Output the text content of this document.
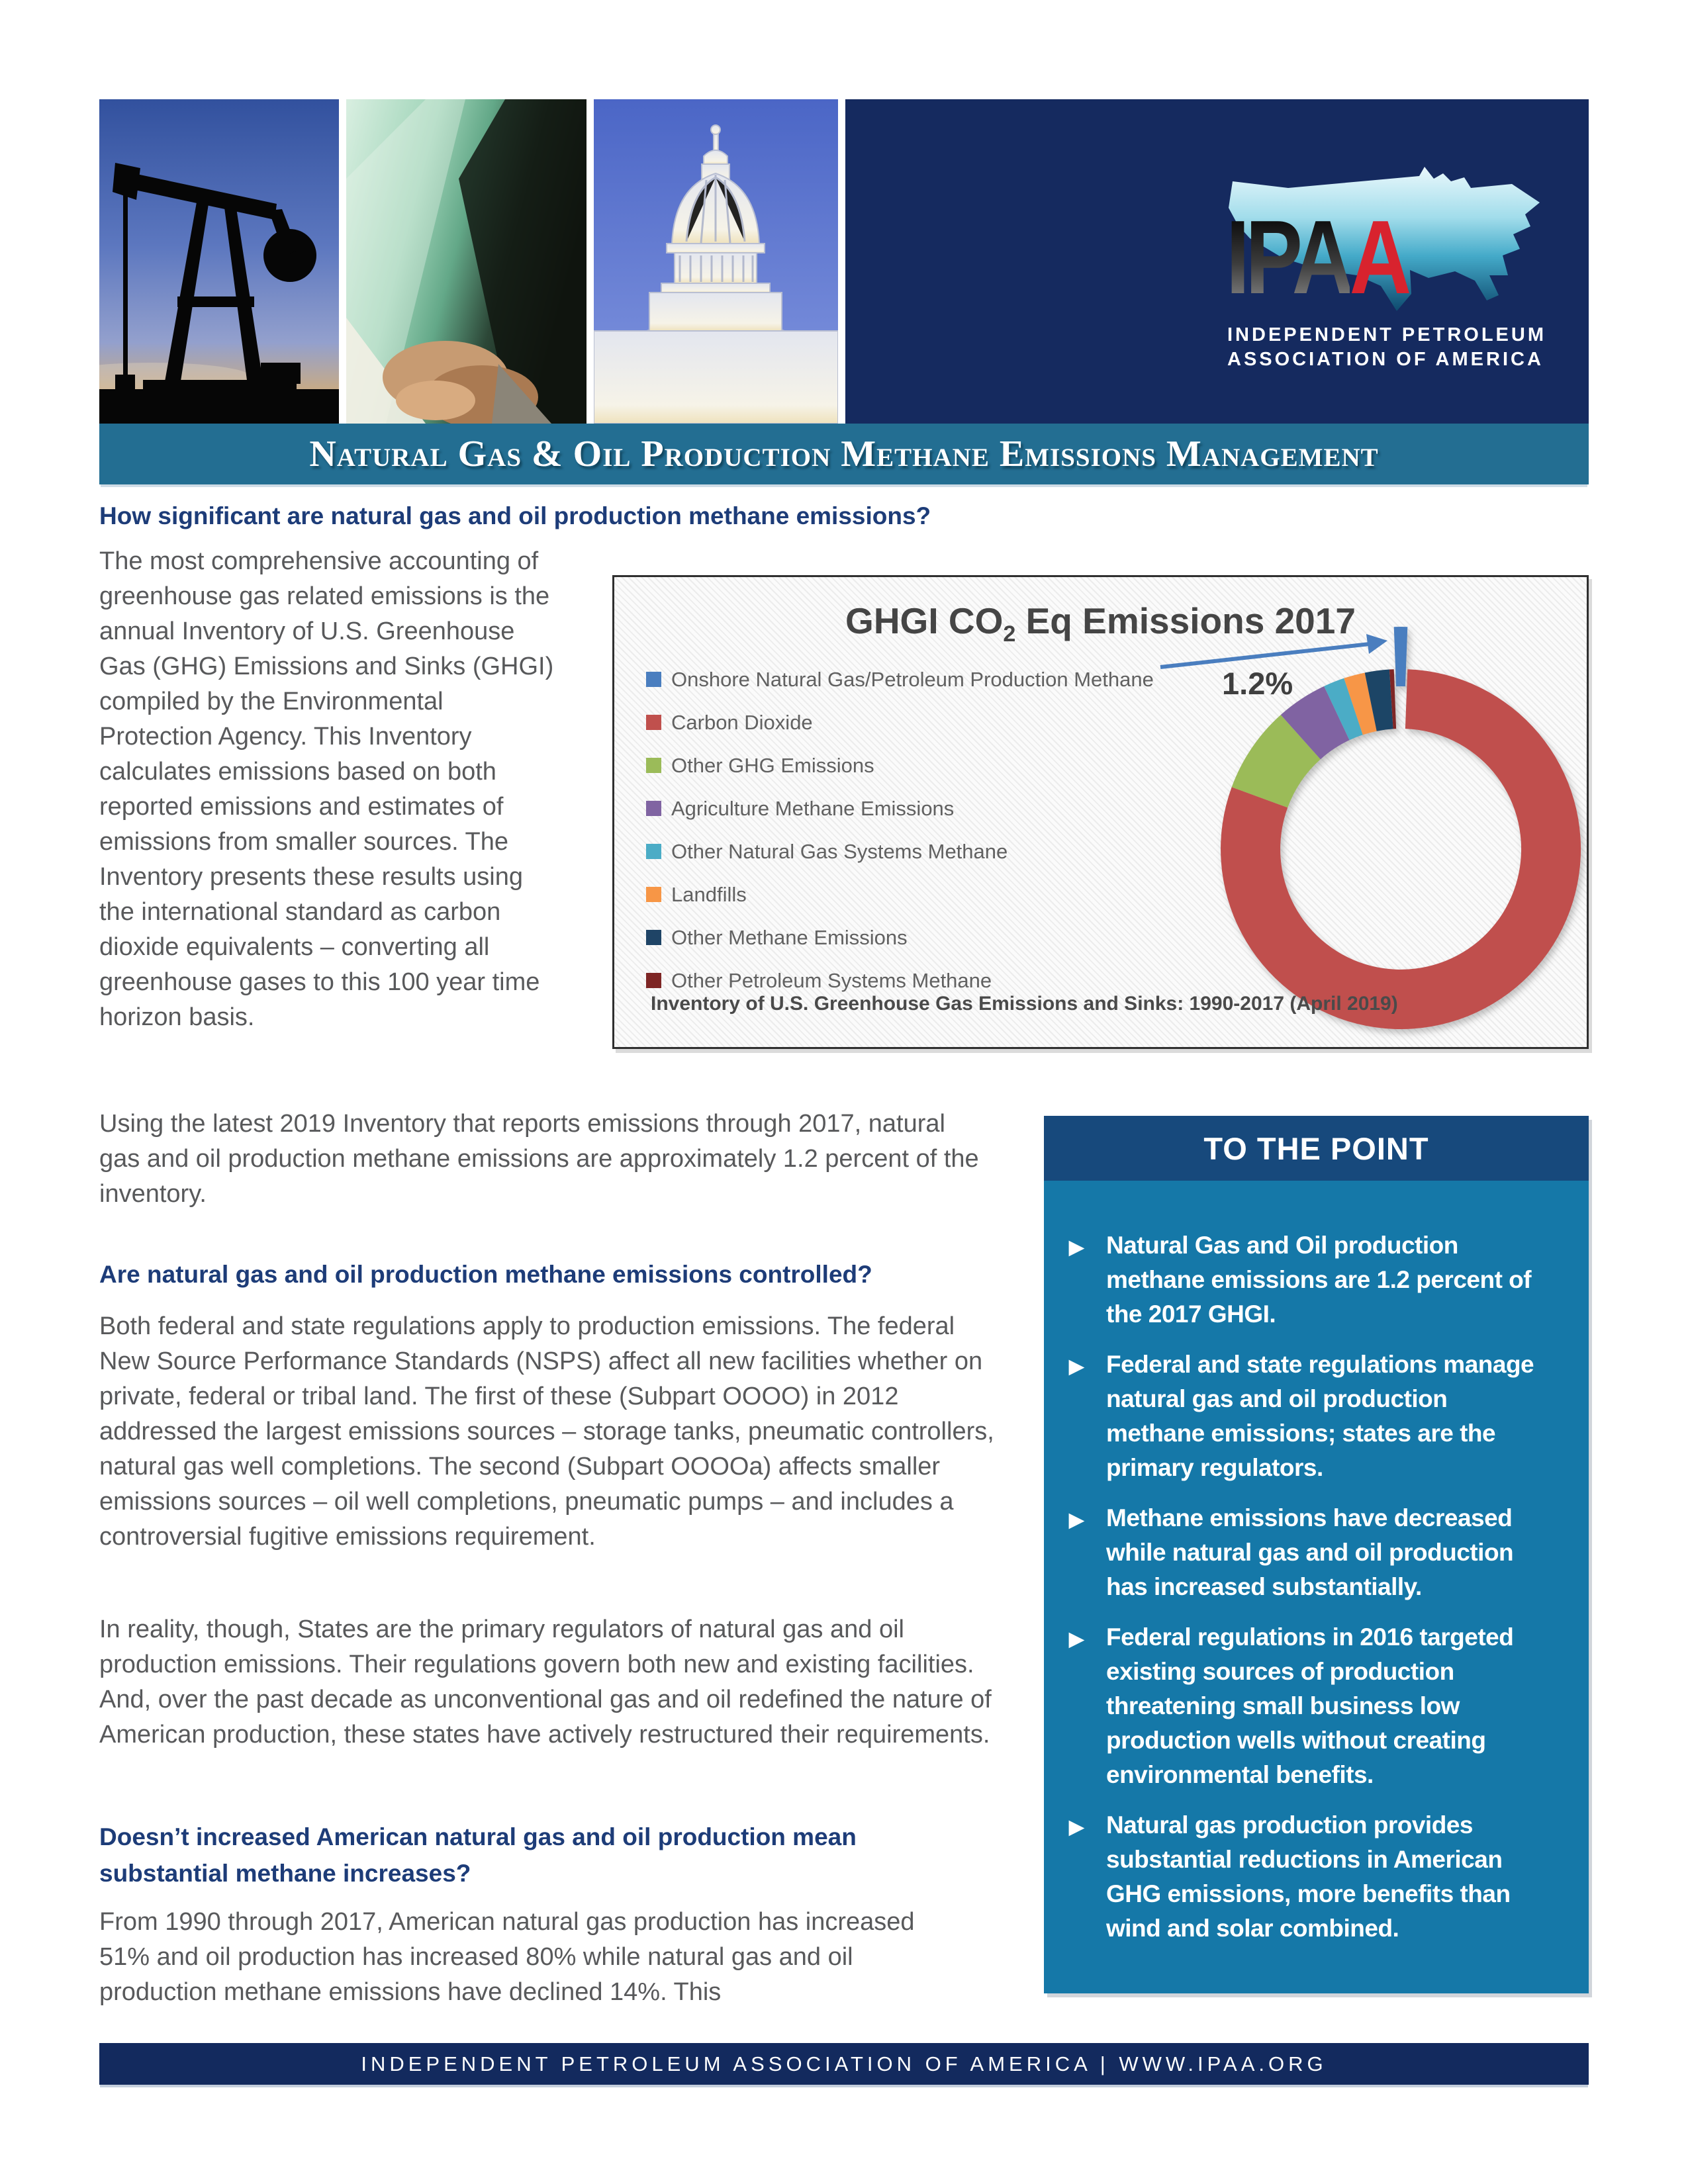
IPAA
INDEPENDENT PETROLEUM
ASSOCIATION OF AMERICA
Natural Gas & Oil Production Methane Emissions Management
How significant are natural gas and oil production methane emissions?

The most comprehensive accounting of greenhouse gas related emissions is the annual Inventory of U.S. Greenhouse Gas (GHG) Emissions and Sinks (GHGI) compiled by the Environmental Protection Agency. This Inventory calculates emissions based on both reported emissions and estimates of emissions from smaller sources. The Inventory presents these results using the international standard as carbon dioxide equivalents – converting all greenhouse gases to this 100 year time horizon basis.

GHGI $CO_2$ Eq Emissions 2017
Onshore Natural Gas/Petroleum Production Methane
Carbon Dioxide
Other GHG Emissions
Agriculture Methane Emissions
Other Natural Gas Systems Methane
Landfills
Other Methane Emissions
Other Petroleum Systems Methane
1.2%
Inventory of U.S. Greenhouse Gas Emissions and Sinks: 1990-2017 (April 2019)

Using the latest 2019 Inventory that reports emissions through 2017, natural gas and oil production methane emissions are approximately 1.2 percent of the inventory.

TO THE POINT
▶ Natural Gas and Oil production methane emissions are 1.2 percent of the 2017 GHGI.
▶ Federal and state regulations manage natural gas and oil production methane emissions; states are the primary regulators.
▶ Methane emissions have decreased while natural gas and oil production has increased substantially.
▶ Federal regulations in 2016 targeted existing sources of production threatening small business low production wells without creating environmental benefits.
▶ Natural gas production provides substantial reductions in American GHG emissions, more benefits than wind and solar combined.
Are natural gas and oil production methane emissions controlled?

Both federal and state regulations apply to production emissions. The federal New Source Performance Standards (NSPS) affect all new facilities whether on private, federal or tribal land. The first of these (Subpart OOOO) in 2012 addressed the largest emissions sources – storage tanks, pneumatic controllers, natural gas well completions. The second (Subpart OOOOa) affects smaller emissions sources – oil well completions, pneumatic pumps – and includes a controversial fugitive emissions requirement.

In reality, though, States are the primary regulators of natural gas and oil production emissions. Their regulations govern both new and existing facilities. And, over the past decade as unconventional gas and oil redefined the nature of American production, these states have actively restructured their requirements.

Doesn’t increased American natural gas and oil production mean substantial methane increases?

From 1990 through 2017, American natural gas production has increased 51% and oil production has increased 80% while natural gas and oil production methane emissions have declined 14%. This

INDEPENDENT PETROLEUM ASSOCIATION OF AMERICA | WWW.IPAA.ORG
